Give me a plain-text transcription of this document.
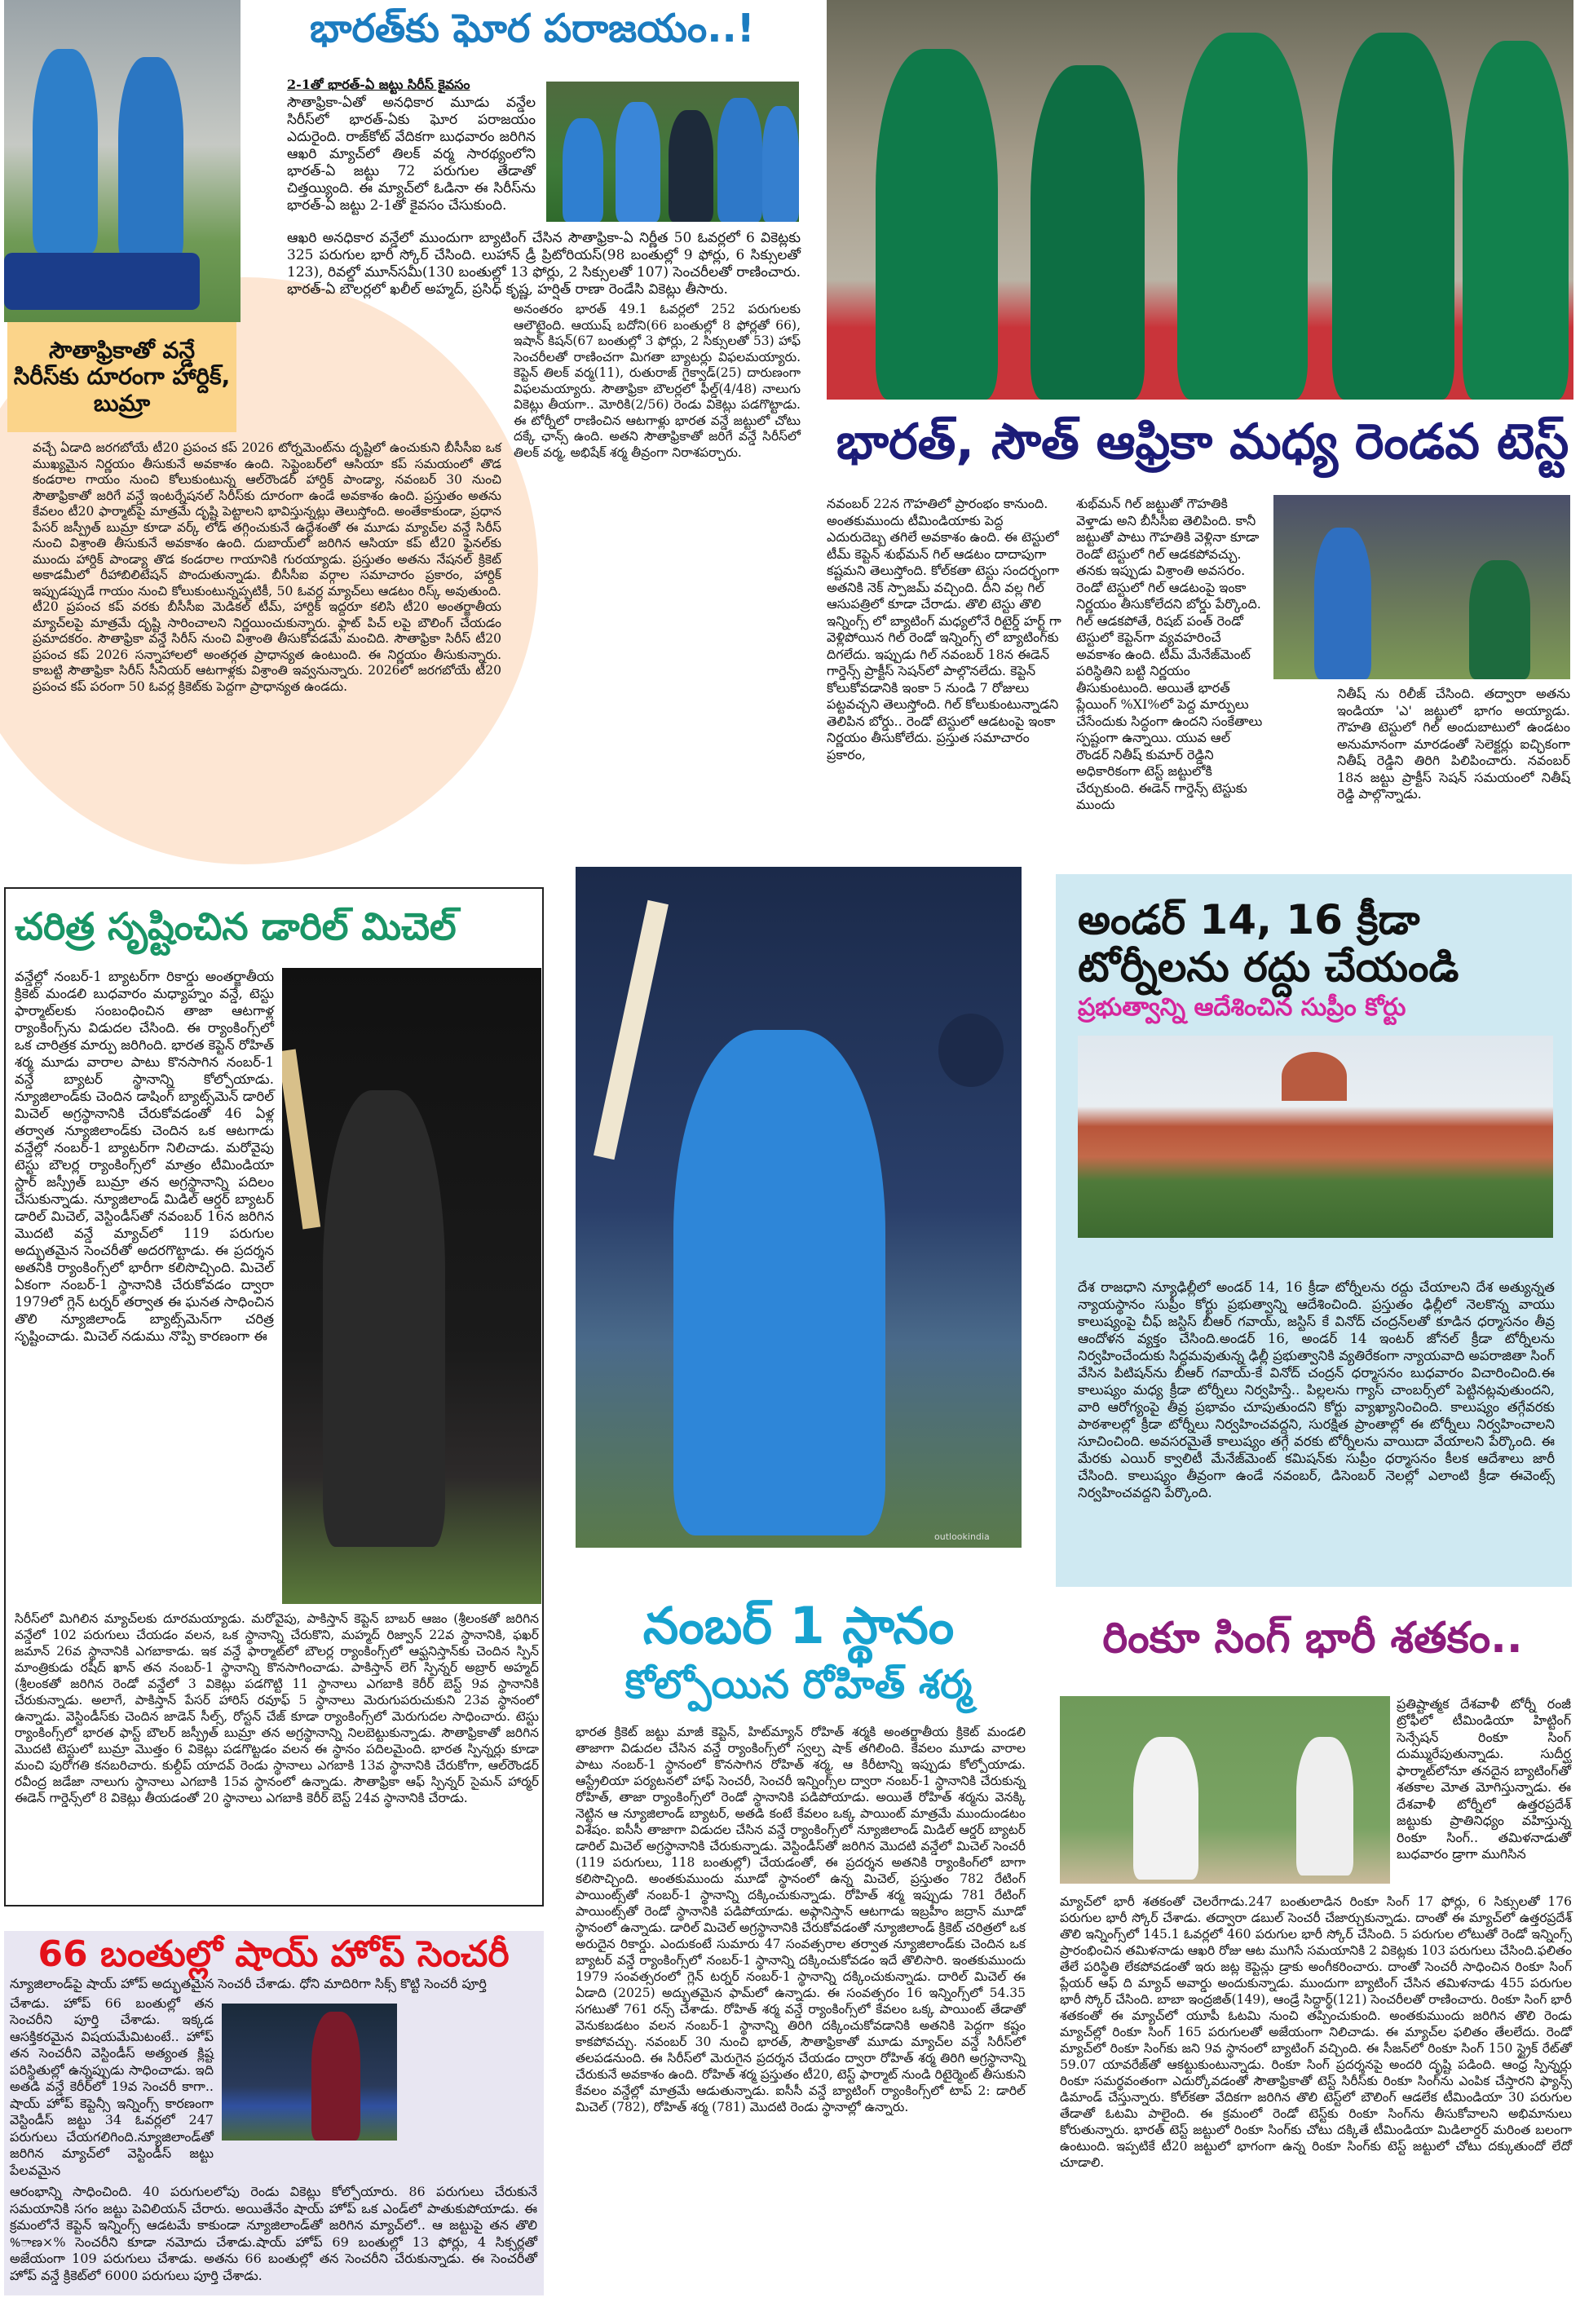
సౌతాఫ్రికాతో వన్డే సిరీస్‌కు దూరంగా హార్దిక్, బుమ్రా

వచ్చే ఏడాది జరగబోయే టీ20 ప్రపంచ కప్ 2026 టోర్నమెంట్‌ను దృష్టిలో ఉంచుకుని బీసీసీఐ ఒక ముఖ్యమైన నిర్ణయం తీసుకునే అవకాశం ఉంది. సెప్టెంబర్‌లో ఆసియా కప్ సమయంలో తొడ కండరాల గాయం నుంచి కోలుకుంటున్న ఆల్‌రౌండర్ హార్దిక్ పాండ్యా, నవంబర్ 30 నుంచి సౌతాఫ్రికాతో జరిగే వన్డే ఇంటర్నేషనల్ సిరీస్‌కు దూరంగా ఉండే అవకాశం ఉంది. ప్రస్తుతం అతను కేవలం టీ20 ఫార్మాట్‌పై మాత్రమే దృష్టి పెట్టాలని భావిస్తున్నట్లు తెలుస్తోంది. అంతేకాకుండా, ప్రధాన పేసర్ జస్ప్రీత్ బుమ్రా కూడా వర్క్ లోడ్ తగ్గించుకునే ఉద్దేశంతో ఈ మూడు మ్యాచ్‌ల వన్డే సిరీస్ నుంచి విశ్రాంతి తీసుకునే అవకాశం ఉంది. దుబాయ్‌లో జరిగిన ఆసియా కప్ టీ20 ఫైనల్‌కు ముందు హార్దిక్ పాండ్యా తొడ కండరాల గాయానికి గురయ్యాడు. ప్రస్తుతం అతను నేషనల్ క్రికెట్ అకాడమీలో రీహాబిలిటేషన్ పొందుతున్నాడు. బీసీసీఐ వర్గాల సమాచారం ప్రకారం, హార్దిక్ ఇప్పుడప్పుడే గాయం నుంచి కోలుకుంటున్నప్పటికీ, 50 ఓవర్ల మ్యాచ్‌లు ఆడటం రిస్క్ అవుతుంది. టీ20 ప్రపంచ కప్ వరకు బీసీసీఐ మెడికల్ టీమ్, హార్దిక్ ఇద్దరూ కలిసి టీ20 అంతర్జాతీయ మ్యాచ్‌లపై మాత్రమే దృష్టి సారించాలని నిర్ణయించుకున్నారు. ఫ్లాట్ పిచ్ లపై బౌలింగ్ చేయడం ప్రమాదకరం. సౌతాఫ్రికా వన్డే సిరీస్ నుంచి విశ్రాంతి తీసుకోవడమే మంచిది. సౌతాఫ్రికా సిరీస్ టీ20 ప్రపంచ కప్ 2026 సన్నాహాలలో అంతర్గత ప్రాధాన్యత ఉంటుంది. ఈ నిర్ణయం తీసుకున్నారు. కాబట్టి సౌతాఫ్రికా సిరీస్ సీనియర్ ఆటగాళ్లకు విశ్రాంతి ఇవ్వనున్నారు. 2026లో జరగబోయే టీ20 ప్రపంచ కప్ పరంగా 50 ఓవర్ల క్రికెట్‌కు పెద్దగా ప్రాధాన్యత ఉండదు.

భారత్‌కు ఘోర పరాజయం..!
2-1తో భారత్-ఏ జట్టు సిరీస్ కైవసం

సౌతాఫ్రికా-ఏతో అనధికార మూడు వన్డేల సిరీస్‌లో భారత్-ఏకు ఘోర పరాజయం ఎదురైంది. రాజ్‌కోట్ వేదికగా బుధవారం జరిగిన ఆఖరి మ్యాచ్‌లో తిలక్ వర్మ సారథ్యంలోని భారత్-ఏ జట్టు 72 పరుగుల తేడాతో చిత్తయ్యింది. ఈ మ్యాచ్‌లో ఓడినా ఈ సిరీస్‌ను భారత్-ఏ జట్టు 2-1తో కైవసం చేసుకుంది.

ఆఖరి అనధికార వన్డేలో ముందుగా బ్యాటింగ్ చేసిన సౌతాఫ్రికా-ఏ నిర్ణీత 50 ఓవర్లలో 6 వికెట్లకు 325 పరుగుల భారీ స్కోర్ చేసింది. లుహాన్ డ్రీ ప్రిటోరియస్(98 బంతుల్లో 9 ఫోర్లు, 6 సిక్సులతో 123), రివల్డో మూన్‌సమీ(130 బంతుల్లో 13 ఫోర్లు, 2 సిక్సులతో 107) సెంచరీలతో రాణించారు. భారత్-ఏ బౌలర్లలో ఖలీల్ అహ్మద్, ప్రసిధ్ కృష్ణ, హర్షిత్ రాణా రెండేసి వికెట్లు తీసారు.

అనంతరం భారత్ 49.1 ఓవర్లలో 252 పరుగులకు ఆలౌటైంది. ఆయుష్ బదోని(66 బంతుల్లో 8 ఫోర్లతో 66), ఇషాన్ కిషన్(67 బంతుల్లో 3 ఫోర్లు, 2 సిక్సులతో 53) హాఫ్ సెంచరీలతో రాణించగా మిగతా బ్యాటర్లు విఫలమయ్యారు. కెప్టెన్ తిలక్ వర్మ(11), రుతురాజ్ గైక్వాడ్(25) దారుణంగా విఫలమయ్యారు. సౌతాఫ్రికా బౌలర్లలో ఫీల్డ్(4/48) నాలుగు వికెట్లు తీయగా.. మోరికి(2/56) రెండు వికెట్లు పడగొట్టాడు. ఈ టోర్నీలో రాణించిన ఆటగాళ్లు భారత వన్డే జట్టులో చోటు దక్కే ఛాన్స్ ఉంది. అతని సౌతాఫ్రికాతో జరిగే వన్డే సిరీస్‌లో తిలక్ వర్మ, అభిషేక్ శర్మ తీవ్రంగా నిరాశపర్చారు.	భారత్, సౌత్ ఆఫ్రికా మధ్య రెండవ టెస్ట్

నవంబర్ 22న గౌహతిలో ప్రారంభం కానుంది. అంతకుముందు టీమిండియాకు పెద్ద ఎదురుదెబ్బ తగిలే అవకాశం ఉంది. ఈ టెస్టులో టీమ్ కెప్టెన్ శుభ్‌మన్ గిల్ ఆడటం దాదాపుగా కష్టమని తెలుస్తోంది. కోల్‌కతా టెస్టు సందర్భంగా అతనికి నెక్ స్పాజమ్ వచ్చింది. దీని వల్ల గిల్ ఆసుపత్రిలో కూడా చేరాడు. తొలి టెస్టు తొలి ఇన్నింగ్స్ లో బ్యాటింగ్ మధ్యలోనే రిటైర్డ్ హర్ట్ గా వెళ్లిపోయిన గిల్ రెండో ఇన్నింగ్స్ లో బ్యాటింగ్‌కు దిగలేదు. ఇప్పుడు గిల్ నవంబర్ 18న ఈడెన్ గార్డెన్స్ ప్రాక్టీస్ సెషన్‌లో పాల్గొనలేదు. కెప్టెన్ కోలుకోవడానికి ఇంకా 5 నుండి 7 రోజులు పట్టవచ్చని తెలుస్తోంది. గిల్ కోలుకుంటున్నాడని తెలిపిన బోర్డు.. రెండో టెస్టులో ఆడటంపై ఇంకా నిర్ణయం తీసుకోలేదు. ప్రస్తుత సమాచారం ప్రకారం,

శుభ్‌మన్ గిల్ జట్టుతో గౌహతికి వెళ్తాడు అని బీసీసీఐ తెలిపింది. కానీ జట్టుతో పాటు గౌహతికి వెళ్లినా కూడా రెండో టెస్టులో గిల్ ఆడకపోవచ్చు. తనకు ఇప్పుడు విశ్రాంతి అవసరం. రెండో టెస్టులో గిల్ ఆడటంపై ఇంకా నిర్ణయం తీసుకోలేదని బోర్డు పేర్కొంది. గిల్ ఆడకపోతే, రిషబ్ పంత్ రెండో టెస్టులో కెప్టెన్‌గా వ్యవహరించే అవకాశం ఉంది. టీమ్ మేనేజ్‌మెంట్ పరిస్థితిని బట్టి నిర్ణయం తీసుకుంటుంది. అయితే భారత్ ప్లేయింగ్ %XI%లో పెద్ద మార్పులు చేసేందుకు సిద్ధంగా ఉందని సంకేతాలు స్పష్టంగా ఉన్నాయి. యువ ఆల్ రౌండర్ నితీష్ కుమార్ రెడ్డిని అధికారికంగా టెస్ట్ జట్టులోకి చేర్చుకుంది. ఈడెన్ గార్డెన్స్ టెస్టుకు ముందు

నితీష్ ను రిలీజ్ చేసింది. తద్వారా అతను ఇండియా 'ఎ' జట్టులో భాగం అయ్యాడు. గౌహతి టెస్టులో గిల్ అందుబాటులో ఉండటం అనుమానంగా మారడంతో సెలెక్టర్లు ఐచ్ఛికంగా నితీష్ రెడ్డిని తిరిగి పిలిపించారు. నవంబర్ 18న జట్టు ప్రాక్టీస్ సెషన్ సమయంలో నితీష్ రెడ్డి పాల్గొన్నాడు.

చరిత్ర సృష్టించిన డారిల్ మిచెల్

వన్డేల్లో నంబర్-1 బ్యాటర్‌గా రికార్డు అంతర్జాతీయ క్రికెట్ మండలి బుధవారం మధ్యాహ్నం వన్డే, టెస్టు ఫార్మాట్‌లకు సంబంధించిన తాజా ఆటగాళ్ల ర్యాంకింగ్స్‌ను విడుదల చేసింది. ఈ ర్యాంకింగ్స్‌లో ఒక చారిత్రక మార్పు జరిగింది. భారత కెప్టెన్ రోహిత్ శర్మ మూడు వారాల పాటు కొనసాగిన నంబర్-1 వన్డే బ్యాటర్ స్థానాన్ని కోల్పోయాడు. న్యూజిలాండ్‌కు చెందిన డాషింగ్ బ్యాట్స్‌మెన్ డారిల్ మిచెల్ అగ్రస్థానానికి చేరుకోవడంతో 46 ఏళ్ల తర్వాత న్యూజిలాండ్‌కు చెందిన ఒక ఆటగాడు వన్డేల్లో నంబర్-1 బ్యాటర్‌గా నిలిచాడు. మరోవైపు టెస్టు బౌలర్ల ర్యాంకింగ్స్‌లో మాత్రం టీమిండియా స్టార్ జస్ప్రీత్ బుమ్రా తన అగ్రస్థానాన్ని పదిలం చేసుకున్నాడు. న్యూజిలాండ్ మిడిల్ ఆర్డర్ బ్యాటర్ డారిల్ మిచెల్, వెస్టిండీస్‌తో నవంబర్ 16న జరిగిన మొదటి వన్డే మ్యాచ్‌లో 119 పరుగుల అద్భుతమైన సెంచరీతో అదరగొట్టాడు. ఈ ప్రదర్శన అతనికి ర్యాంకింగ్స్‌లో భారీగా కలిసొచ్చింది. మిచెల్ ఏకంగా నంబర్-1 స్థానానికి చేరుకోవడం ద్వారా 1979లో గ్లెన్ టర్నర్ తర్వాత ఈ ఘనత సాధించిన తొలి న్యూజిలాండ్ బ్యాట్స్‌మెన్‌గా చరిత్ర సృష్టించాడు. మిచెల్ నడుము నొప్పి కారణంగా ఈ

సిరీస్‌లో మిగిలిన మ్యాచ్‌లకు దూరమయ్యాడు. మరోవైపు, పాకిస్తాన్ కెప్టెన్ బాబర్ ఆజం (శ్రీలంకతో జరిగిన వన్డేలో 102 పరుగులు చేయడం వలన, ఒక స్థానాన్ని చేరుకొని, మహ్మద్ రిజ్వాన్ 22వ స్థానానికి, ఫఖర్ జమాన్ 26వ స్థానానికి ఎగబాకాడు. ఇక వన్డే ఫార్మాట్‌లో బౌలర్ల ర్యాంకింగ్స్‌లో ఆఫ్ఘనిస్తాన్‌కు చెందిన స్పిన్ మాంత్రికుడు రషీద్ ఖాన్ తన నంబర్-1 స్థానాన్ని కొనసాగించాడు. పాకిస్తాన్ లెగ్ స్పిన్నర్ అబ్రార్ అహ్మద్ (శ్రీలంకతో జరిగిన రెండో వన్డేలో 3 వికెట్లు పడగొట్టి 11 స్థానాలు ఎగబాకి కెరీర్ బెస్ట్ 9వ స్థానానికి చేరుకున్నాడు. అలాగే, పాకిస్తాన్ పేసర్ హారిస్ రవూఫ్ 5 స్థానాలు మెరుగుపరుచుకుని 23వ స్థానంలో ఉన్నాడు. వెస్టిండీస్‌కు చెందిన జాడెన్ సీల్స్, రోస్టన్ చేజ్ కూడా ర్యాంకింగ్స్‌లో మెరుగుదల సాధించారు. టెస్టు ర్యాంకింగ్స్‌లో భారత ఫాస్ట్ బౌలర్ జస్ప్రీత్ బుమ్రా తన అగ్రస్థానాన్ని నిలబెట్టుకున్నాడు. సౌతాఫ్రికాతో జరిగిన మొదటి టెస్టులో బుమ్రా మొత్తం 6 వికెట్లు పడగొట్టడం వలన ఈ స్థానం పదిలమైంది. భారత స్పిన్నర్లు కూడా మంచి పురోగతి కనబరిచారు. కుల్దీప్ యాదవ్ రెండు స్థానాలు ఎగబాకి 13వ స్థానానికి చేరుకోగా, ఆల్‌రౌండర్ రవీంద్ర జడేజా నాలుగు స్థానాలు ఎగబాకి 15వ స్థానంలో ఉన్నాడు. సౌతాఫ్రికా ఆఫ్ స్పిన్నర్ సైమన్ హార్మర్ ఈడెన్ గార్డెన్స్‌లో 8 వికెట్లు తీయడంతో 20 స్థానాలు ఎగబాకి కెరీర్ బెస్ట్ 24వ స్థానానికి చేరాడు.

66 బంతుల్లో షాయ్ హోప్ సెంచరీ

న్యూజిలాండ్‌పై షాయ్ హోప్ అద్భుతమైన సెంచరీ చేశాడు. ధోని మాదిరిగా సిక్స్ కొట్టి సెంచరీ పూర్తి

చేశాడు. హోప్ 66 బంతుల్లో తన సెంచరీని పూర్తి చేశాడు. ఇక్కడ ఆసక్తికరమైన విషయమేమిటంటే.. హోప్ తన సెంచరీని వెస్టిండీస్ అత్యంత క్లిష్ట పరిస్థితుల్లో ఉన్నప్పుడు సాధించాడు. ఇది అతడి వన్డే కెరీర్‌లో 19వ సెంచరీ కాగా.. షాయ్ హోప్ కెప్టెన్సీ ఇన్నింగ్స్ కారణంగా వెస్టిండీస్ జట్టు 34 ఓవర్లలో 247 పరుగులు చేయగలిగింది.న్యూజిలాండ్‌తో జరిగిన మ్యాచ్‌లో వెస్టిండీస్ జట్టు పేలవమైన

ఆరంభాన్ని సాధించింది. 40 పరుగులలోపు రెండు వికెట్లు కోల్పోయారు. 86 పరుగులు చేరుకునే సమయానికి సగం జట్టు పెవిలియన్ చేరారు. అయితేనేం షాయ్ హోప్ ఒక ఎండ్‌లో పాతుకుపోయాడు. ఈ క్రమంలోనే కెప్టెన్ ఇన్నింగ్స్ ఆడటమే కాకుండా న్యూజిలాండ్‌తో జరిగిన మ్యాచ్‌లో.. ఆ జట్టుపై తన తొలి %ాణ×% సెంచరీని కూడా నమోదు చేశాడు.షాయ్ హోప్ 69 బంతుల్లో 13 ఫోర్లు, 4 సిక్సర్లతో అజేయంగా 109 పరుగులు చేశాడు. అతను 66 బంతుల్లో తన సెంచరీని చేరుకున్నాడు. ఈ సెంచరీతో హోప్ వన్డే క్రికెట్‌లో 6000 పరుగులు పూర్తి చేశాడు.

outlookindia
నంబర్ 1 స్థానం
కోల్పోయిన రోహిత్ శర్మ

భారత క్రికెట్ జట్టు మాజీ కెప్టెన్, హిట్‌మ్యాన్ రోహిత్ శర్మకి అంతర్జాతీయ క్రికెట్ మండలి తాజాగా విడుదల చేసిన వన్డే ర్యాంకింగ్స్‌లో స్వల్ప షాక్ తగిలింది. కేవలం మూడు వారాల పాటు నంబర్-1 స్థానంలో కొనసాగిన రోహిత్ శర్మ, ఆ కిరీటాన్ని ఇప్పుడు కోల్పోయాడు. ఆస్ట్రేలియా పర్యటనలో హాఫ్ సెంచరీ, సెంచరీ ఇన్నింగ్స్‌ల ద్వారా నంబర్-1 స్థానానికి చేరుకున్న రోహిత్, తాజా ర్యాంకింగ్స్‌లో రెండో స్థానానికి పడిపోయాడు. అయితే రోహిత్ శర్మను వెనక్కి నెట్టిన ఆ న్యూజిలాండ్ బ్యాటర్, అతడి కంటే కేవలం ఒక్క పాయింట్ మాత్రమే ముందుండటం విశేషం. ఐసీసీ తాజాగా విడుదల చేసిన వన్డే ర్యాంకింగ్స్‌లో న్యూజిలాండ్ మిడిల్ ఆర్డర్ బ్యాటర్ డారిల్ మిచెల్ అగ్రస్థానానికి చేరుకున్నాడు. వెస్టిండీస్‌తో జరిగిన మొదటి వన్డేలో మిచెల్ సెంచరీ (119 పరుగులు, 118 బంతుల్లో) చేయడంతో, ఈ ప్రదర్శన అతనికి ర్యాంకింగ్‌లో బాగా కలిసొచ్చింది. అంతకుముందు మూడో స్థానంలో ఉన్న మిచెల్, ప్రస్తుతం 782 రేటింగ్ పాయింట్స్‌తో నంబర్-1 స్థానాన్ని దక్కించుకున్నాడు. రోహిత్ శర్మ ఇప్పుడు 781 రేటింగ్ పాయింట్స్‌తో రెండో స్థానానికి పడిపోయాడు. అఫ్గానిస్తాన్ ఆటగాడు ఇబ్రహీం జద్రాన్ మూడో స్థానంలో ఉన్నాడు. డారిల్ మిచెల్ అగ్రస్థానానికి చేరుకోవడంతో న్యూజిలాండ్ క్రికెట్ చరిత్రలో ఒక అరుదైన రికార్డు. ఎందుకంటే సుమారు 47 సంవత్సరాల తర్వాత న్యూజిలాండ్‌కు చెందిన ఒక బ్యాటర్ వన్డే ర్యాంకింగ్స్‌లో నంబర్-1 స్థానాన్ని దక్కించుకోవడం ఇదే తొలిసారి. ఇంతకుముందు 1979 సంవత్సరంలో గ్లెన్ టర్నర్ నంబర్-1 స్థానాన్ని దక్కించుకున్నాడు. దారిల్ మిచెల్ ఈ ఏడాది (2025) అద్భుతమైన ఫామ్‌లో ఉన్నాడు. ఈ సంవత్సరం 16 ఇన్నింగ్స్‌లో 54.35 సగటుతో 761 రన్స్ చేశాడు. రోహిత్ శర్మ వన్డే ర్యాంకింగ్స్‌లో కేవలం ఒక్క పాయింట్ తేడాతో వెనుకబడటం వలన నంబర్-1 స్థానాన్ని తిరిగి దక్కించుకోవడానికి అతనికి పెద్దగా కష్టం కాకపోవచ్చు. నవంబర్ 30 నుంచి భారత్, సౌతాఫ్రికాతో మూడు మ్యాచ్‌ల వన్డే సిరీస్‌లో తలపడనుంది. ఈ సిరీస్‌లో మెరుగైన ప్రదర్శన చేయడం ద్వారా రోహిత్ శర్మ తిరిగి అగ్రస్థానాన్ని చేరుకునే అవకాశం ఉంది. రోహిత్ శర్మ ప్రస్తుతం టీ20, టెస్ట్ ఫార్మాట్ నుండి రిటైర్మెంట్ తీసుకుని కేవలం వన్డేల్లో మాత్రమే ఆడుతున్నాడు. ఐసీసీ వన్డే బ్యాటింగ్ ర్యాంకింగ్స్‌లో టాప్ 2: డారిల్ మిచెల్ (782), రోహిత్ శర్మ (781) మొదటి రెండు స్థానాల్లో ఉన్నారు.

అండర్ 14, 16 క్రీడా టోర్నీలను రద్దు చేయండి
ప్రభుత్వాన్ని ఆదేశించిన సుప్రీం కోర్టు

దేశ రాజధాని న్యూఢిల్లీలో అండర్ 14, 16 క్రీడా టోర్నీలను రద్దు చేయాలని దేశ అత్యున్నత న్యాయస్థానం సుప్రీం కోర్టు ప్రభుత్వాన్ని ఆదేశించింది. ప్రస్తుతం ఢిల్లీలో నెలకొన్న వాయు కాలుష్యంపై చీఫ్ జస్టిస్ బీఆర్ గవాయ్, జస్టిస్ కే వినోద్ చంద్రన్‌లతో కూడిన ధర్మాసనం తీవ్ర ఆందోళన వ్యక్తం చేసింది.అండర్ 16, అండర్ 14 ఇంటర్ జోనల్ క్రీడా టోర్నీలను నిర్వహించేందుకు సిద్ధమవుతున్న ఢిల్లీ ప్రభుత్వానికి వ్యతిరేకంగా న్యాయవాది అపరాజితా సింగ్ వేసిన పిటిషన్‌ను బీఆర్ గవాయ్-కే వినోద్ చంద్రన్ ధర్మాసనం బుధవారం విచారించింది.ఈ కాలుష్యం మధ్య క్రీడా టోర్నీలు నిర్వహిస్తే.. పిల్లలను గ్యాస్ చాంబర్స్‌లో పెట్టినట్లవుతుందని, వారి ఆరోగ్యంపై తీవ్ర ప్రభావం చూపుతుందని కోర్టు వ్యాఖ్యానించింది. కాలుష్యం తగ్గేవరకు పాఠశాలల్లో క్రీడా టోర్నీలు నిర్వహించవద్దని, సురక్షిత ప్రాంతాల్లో ఈ టోర్నీలు నిర్వహించాలని సూచించింది. అవసరమైతే కాలుష్యం తగ్గే వరకు టోర్నీలను వాయిదా వేయాలని పేర్కొంది. ఈ మేరకు ఎయిర్ క్వాలిటీ మేనేజ్‌మెంట్ కమిషన్‌కు సుప్రీం ధర్మాసనం కీలక ఆదేశాలు జారీ చేసింది. కాలుష్యం తీవ్రంగా ఉండే నవంబర్, డిసెంబర్ నెలల్లో ఎలాంటి క్రీడా ఈవెంట్స్ నిర్వహించవద్దని పేర్కొంది.

రింకూ సింగ్ భారీ శతకం..

ప్రతిష్టాత్మక దేశవాళీ టోర్నీ రంజీ ట్రోఫీలో టీమిండియా హిట్టింగ్ సెన్సేషన్ రింకూ సింగ్ దుమ్మురేపుతున్నాడు. సుదీర్ఘ ఫార్మాట్‌లోనూ తనదైన బ్యాటింగ్‌తో శతకాల మోత మోగిస్తున్నాడు. ఈ దేశవాళీ టోర్నీలో ఉత్తరప్రదేశ్ జట్టుకు ప్రాతినిధ్యం వహిస్తున్న రింకూ సింగ్.. తమిళనాడుతో బుధవారం డ్రాగా ముగిసిన

మ్యాచ్‌లో భారీ శతకంతో చెలరేగాడు.247 బంతులాడిన రింకూ సింగ్ 17 ఫోర్లు, 6 సిక్సులతో 176 పరుగుల భారీ స్కోర్ చేశాడు. తద్వారా డబుల్ సెంచరీ చేజార్చుకున్నాడు. దాంతో ఈ మ్యాచ్‌లో ఉత్తరప్రదేశ్ తొలి ఇన్నింగ్స్‌లో 145.1 ఓవర్లలో 460 పరుగుల భారీ స్కోర్ చేసింది. 5 పరుగుల లోటుతో రెండో ఇన్నింగ్స్ ప్రారంభించిన తమిళనాడు ఆఖరి రోజు ఆట ముగిసే సమయానికి 2 వికెట్లకు 103 పరుగులు చేసింది.ఫలితం తేలే పరిస్థితి లేకపోవడంతో ఇరు జట్ల కెప్టెన్లు డ్రాకు అంగీకరించారు. దాంతో సెంచరీ సాధించిన రింకూ సింగ్ ప్లేయర్ ఆఫ్ ది మ్యాచ్ అవార్డు అందుకున్నాడు. ముందుగా బ్యాటింగ్ చేసిన తమిళనాడు 455 పరుగుల భారీ స్కోర్ చేసింది. బాబా ఇంద్రజిత్(149), ఆండ్రే సిద్ధార్థ్(121) సెంచరీలతో రాణించారు. రింకూ సింగ్ భారీ శతకంతో ఈ మ్యాచ్‌లో యూపీ ఓటమి నుంచి తప్పించుకుంది. అంతకుముందు జరిగిన తొలి రెండు మ్యాచ్‌ల్లో రింకూ సింగ్ 165 పరుగులతో అజేయంగా నిలిచాడు. ఈ మ్యాచ్‌ల ఫలితం తేలలేదు. రెండో మ్యాచ్‌లో రింకూ సింగ్‌కు జని 9వ స్థానంలో బ్యాటింగ్ వచ్చింది. ఈ సీజన్‌లో రింకూ సింగ్ 150 స్ట్రైక్ రేట్‌తో 59.07 యావరేజ్‌తో ఆకట్టుకుంటున్నాడు. రింకూ సింగ్ ప్రదర్శనపై అందరి దృష్టి పడింది. ఆంధ్ర స్పిన్నర్లు రింకూ సమర్థవంతంగా ఎదుర్కోవడంతో సౌతాఫ్రికాతో టెస్ట్ సిరీస్‌కు రింకూ సింగ్‌ను ఎంపిక చేస్తారని ఫ్యాన్స్ డిమాండ్ చేస్తున్నారు. కోల్‌కతా వేదికగా జరిగిన తొలి టెస్ట్‌లో బౌలింగ్ ఆడలేక టీమిండియా 30 పరుగుల తేడాతో ఓటమి పాలైంది. ఈ క్రమంలో రెండో టెస్ట్‌కు రింకూ సింగ్‌ను తీసుకోవాలని అభిమానులు కోరుతున్నారు. భారత్ టెస్ట్ జట్టులో రింకూ సింగ్‌కు చోటు దక్కితే టీమిండియా మిడిలార్డర్ మరింత బలంగా ఉంటుంది. ఇప్పటికే టీ20 జట్టులో భాగంగా ఉన్న రింకూ సింగ్‌కు టెస్ట్ జట్టులో చోటు దక్కుతుందో లేదో చూడాలి.
